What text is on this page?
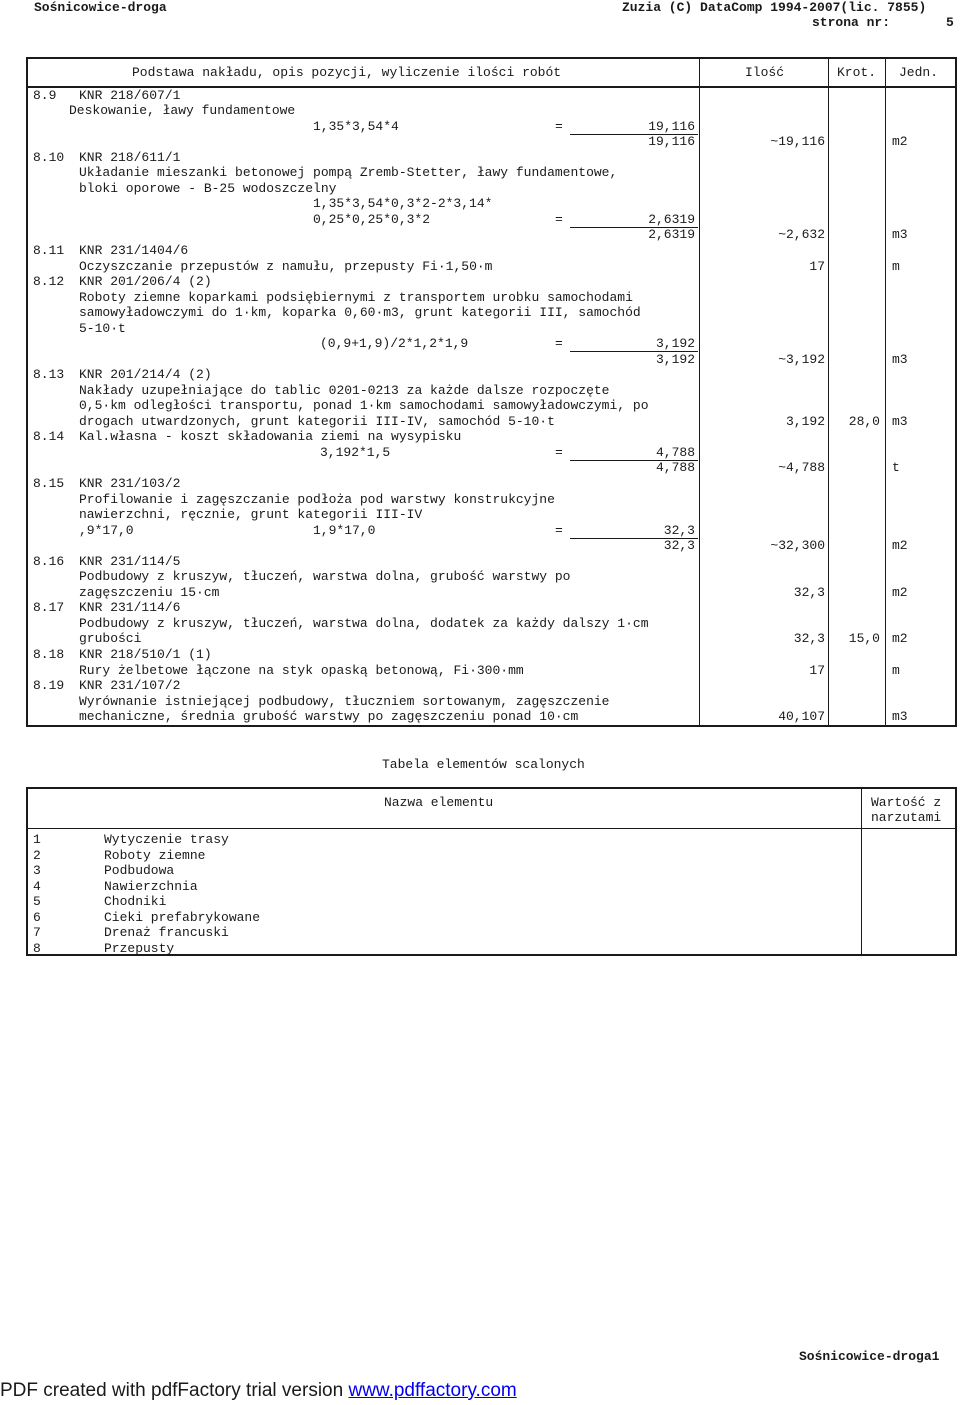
Sośnicowice-droga	Zuzia (C) DataComp 1994-2007(lic. 7855)
strona nr:	5
Podstawa nakładu, opis pozycji, wyliczenie ilości robót	Ilość	Krot. Jedn.
8.9 KNR 218/607/1
Deskowanie, ławy fundamentowe
1,35*3,54*4	=	19,116
19,116	~19,116	m2
8.10 KNR 218/611/1
Układanie mieszanki betonowej pompą Zremb-Stetter, ławy fundamentowe,
bloki oporowe - B-25 wodoszczelny
1,35*3,54*0,3*2-2*3,14*
0,25*0,25*0,3*2	=	2,6319
2,6319	~2,632	m3
8.11 KNR 231/1404/6
Oczyszczanie przepustów z namułu, przepusty Fi·1,50·m	17	m
8.12 KNR 201/206/4 (2)
Roboty ziemne koparkami podsiębiernymi z transportem urobku samochodami
samowyładowczymi do 1·km, koparka 0,60·m3, grunt kategorii III, samochód
5-10·t
(0,9+1,9)/2*1,2*1,9	=	3,192
3,192	~3,192	m3
8.13 KNR 201/214/4 (2)
Nakłady uzupełniające do tablic 0201-0213 za każde dalsze rozpoczęte
0,5·km odległości transportu, ponad 1·km samochodami samowyładowczymi, po
drogach utwardzonych, grunt kategorii III-IV, samochód 5-10·t	3,192 28,0 m3
8.14 Kal.własna - koszt składowania ziemi na wysypisku
3,192*1,5	=	4,788
4,788	~4,788	t
8.15 KNR 231/103/2
Profilowanie i zagęszczanie podłoża pod warstwy konstrukcyjne
nawierzchni, ręcznie, grunt kategorii III-IV
,9*17,0	1,9*17,0	=	32,3
32,3	~32,300	m2
8.16 KNR 231/114/5
Podbudowy z kruszyw, tłuczeń, warstwa dolna, grubość warstwy po
zagęszczeniu 15·cm	32,3	m2
8.17 KNR 231/114/6
Podbudowy z kruszyw, tłuczeń, warstwa dolna, dodatek za każdy dalszy 1·cm
grubości	32,3 15,0 m2
8.18 KNR 218/510/1 (1)
Rury żelbetowe łączone na styk opaską betonową, Fi·300·mm	17	m
8.19 KNR 231/107/2
Wyrównanie istniejącej podbudowy, tłuczniem sortowanym, zagęszczenie
mechaniczne, średnia grubość warstwy po zagęszczeniu ponad 10·cm	40,107	m3
Tabela elementów scalonych
Nazwa elementu	Wartość z
narzutami
1	Wytyczenie trasy
2	Roboty ziemne
3	Podbudowa
4	Nawierzchnia
5	Chodniki
6	Cieki prefabrykowane
7	Drenaż francuski
8	Przepusty
Sośnicowice-droga1
PDF created with pdfFactory trial version www.pdffactory.com
